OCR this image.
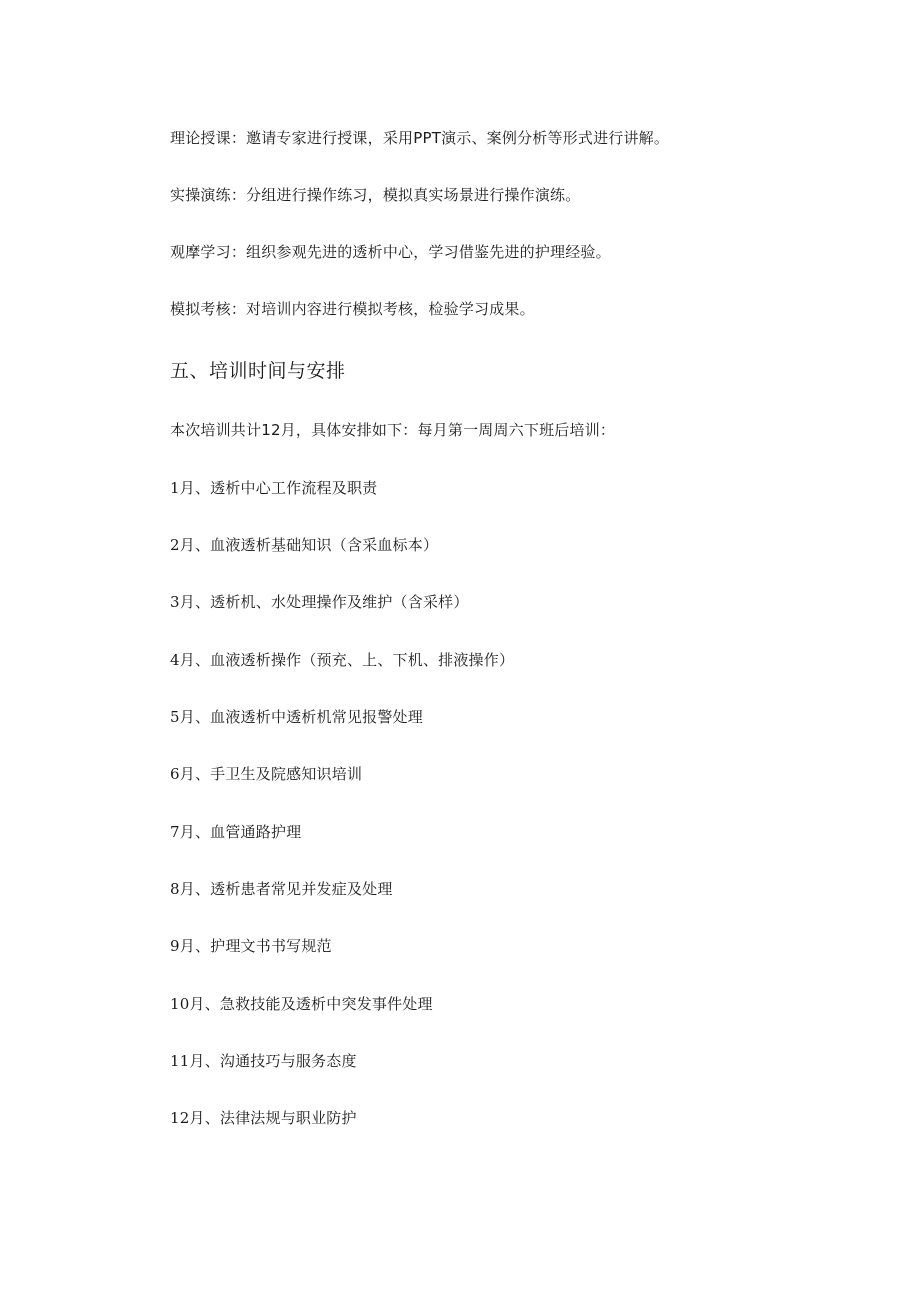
理论授课：邀请专家进行授课，采用PPT演示、案例分析等形式进行讲解。
实操演练：分组进行操作练习，模拟真实场景进行操作演练。
观摩学习：组织参观先进的透析中心，学习借鉴先进的护理经验。
模拟考核：对培训内容进行模拟考核，检验学习成果。
五、培训时间与安排
本次培训共计12月，具体安排如下：每月第一周周六下班后培训：
1月、透析中心工作流程及职责
2月、血液透析基础知识（含采血标本）
3月、透析机、水处理操作及维护（含采样）
4月、血液透析操作（预充、上、下机、排液操作）
5月、血液透析中透析机常见报警处理
6月、手卫生及院感知识培训
7月、血管通路护理
8月、透析患者常见并发症及处理
9月、护理文书书写规范
10月、急救技能及透析中突发事件处理
11月、沟通技巧与服务态度
12月、法律法规与职业防护
